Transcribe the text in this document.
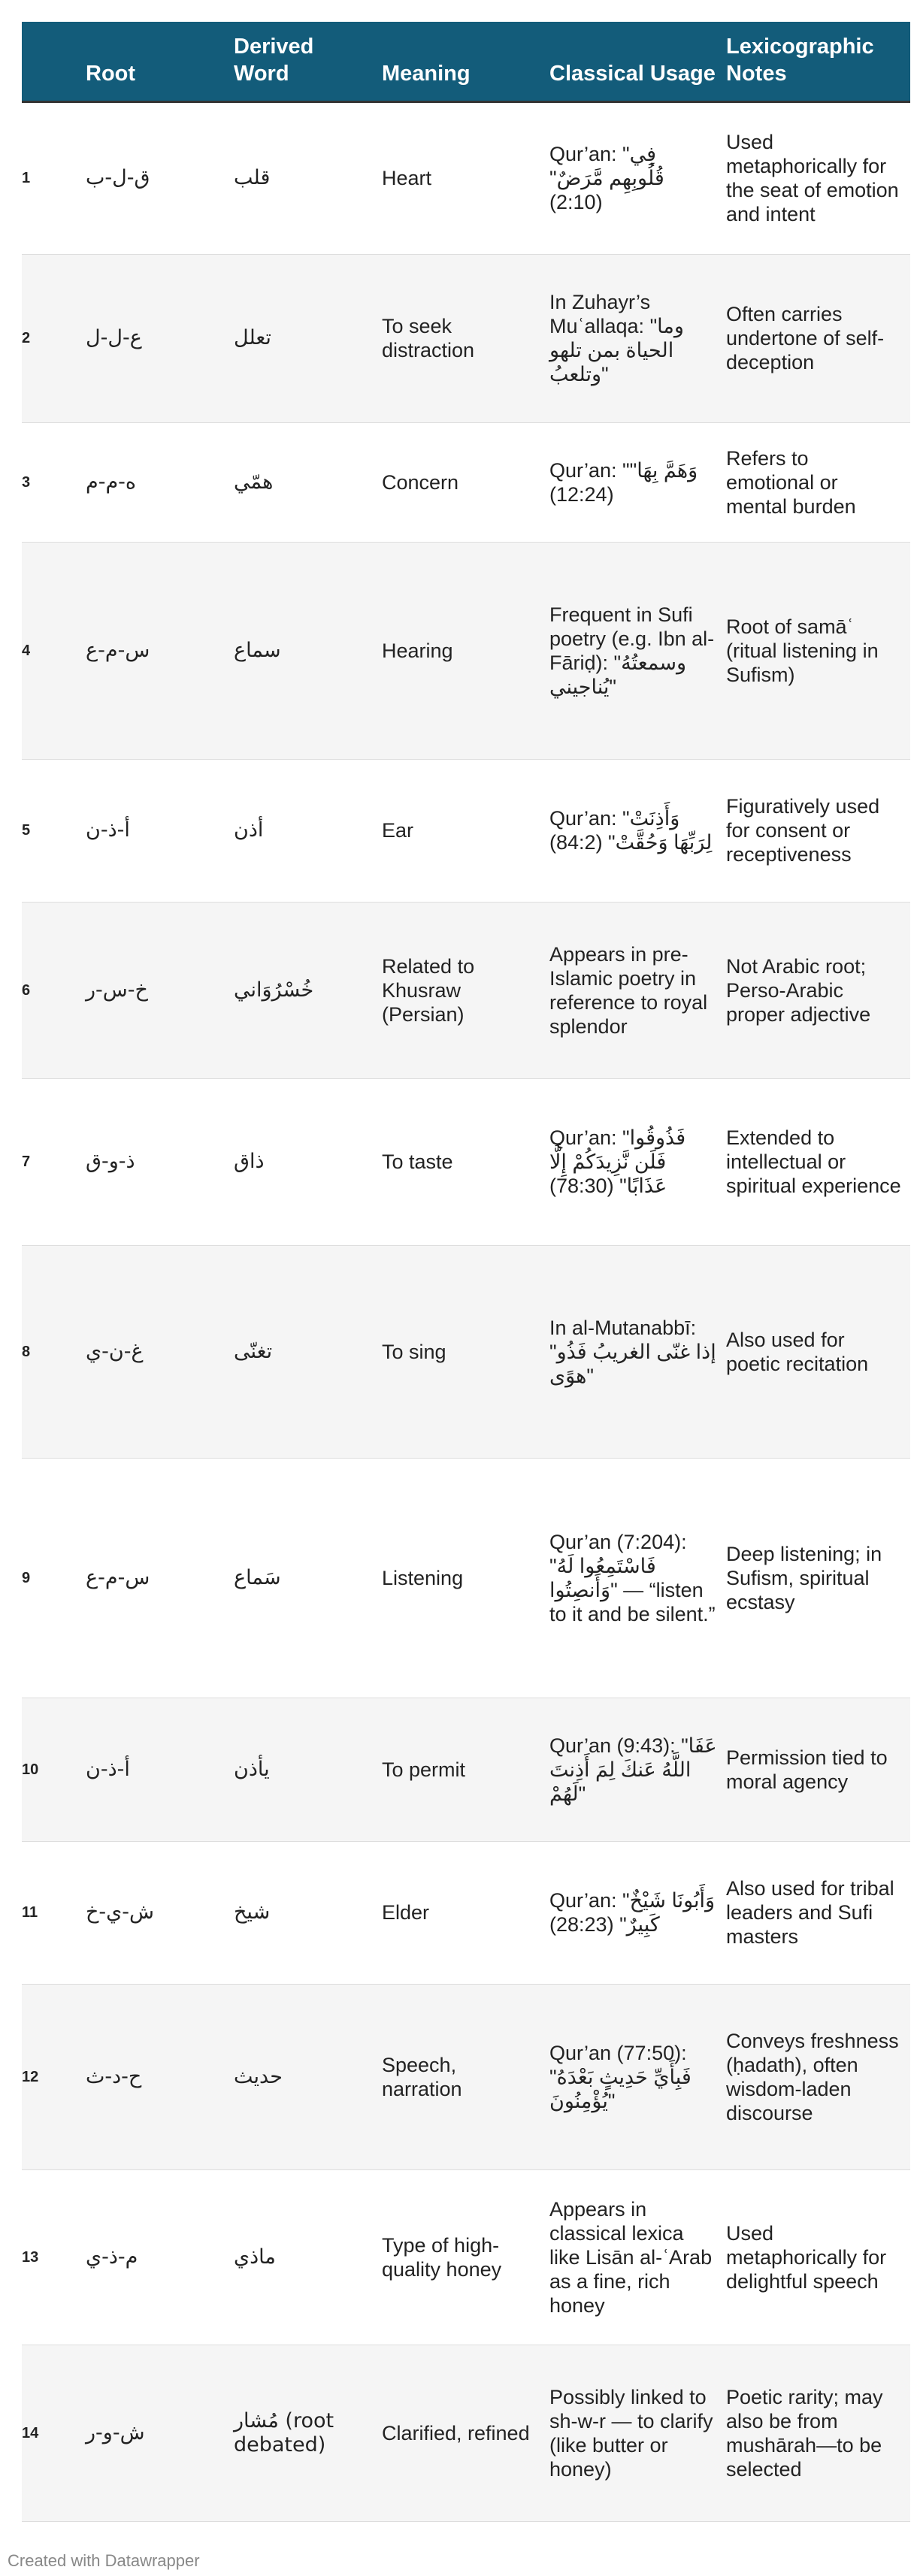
	Root	Derived Word	Meaning	Classical Usage	Lexicographic Notes
1	ق-ل-ب	قلب	Heart	Qur’an: "فِي قُلُوبِهِم مَّرَضٌ" (2:10)	Used metaphorically for the seat of emotion and intent
2	ع-ل-ل	تعلل	To seek distraction	In Zuhayr’s Muʿallaqa: "وما الحياة بمن تلهو وتلعبُ"	Often carries undertone of self-deception
3	ه-م-م	همّي	Concern	Qur’an: "وَهَمَّ بِهَا" (12:24)	Refers to emotional or mental burden
4	س-م-ع	سماع	Hearing	Frequent in Sufi poetry (e.g. Ibn al-Fāriḍ): "وسمعتُهُ يُناجيني"	Root of samāʿ (ritual listening in Sufism)
5	أ-ذ-ن	أذن	Ear	Qur’an: "وَأَذِنَتْ لِرَبِّهَا وَحُقَّتْ" (84:2)	Figuratively used for consent or receptiveness
6	خ-س-ر	خُسْرُوَاني	Related to Khusraw (Persian)	Appears in pre-Islamic poetry in reference to royal splendor	Not Arabic root; Perso-Arabic proper adjective
7	ذ-و-ق	ذاق	To taste	Qur’an: "فَذُوقُوا فَلَن نَّزِيدَكُمْ إِلَّا عَذَابًا" (78:30)	Extended to intellectual or spiritual experience
8	غ-ن-ي	تغنّى	To sing	In al-Mutanabbī: "إذا غنّى الغريبُ فَذُو هوًى"	Also used for poetic recitation
9	س-م-ع	سَماع	Listening	Qur’an (7:204): "فَاسْتَمِعُوا لَهُ وَأَنصِتُوا" — “listen to it and be silent.”	Deep listening; in Sufism, spiritual ecstasy
10	أ-ذ-ن	يأذن	To permit	Qur’an (9:43): "عَفَا اللَّهُ عَنكَ لِمَ أَذِنتَ لَهُمْ"	Permission tied to moral agency
11	ش-ي-خ	شيخ	Elder	Qur’an: "وَأَبُونَا شَيْخٌ كَبِيرٌ" (28:23)	Also used for tribal leaders and Sufi masters
12	ح-د-ث	حديث	Speech, narration	Qur’an (77:50): "فَبِأَيِّ حَدِيثٍ بَعْدَهُ يُؤْمِنُونَ"	Conveys freshness (ḥadath), often wisdom-laden discourse
13	م-ذ-ي	ماذي	Type of high-quality honey	Appears in classical lexica like Lisān al-ʿArab as a fine, rich honey	Used metaphorically for delightful speech
14	ش-و-ر	مُشار (root debated)	Clarified, refined	Possibly linked to sh-w-r — to clarify (like butter or honey)	Poetic rarity; may also be from mushārah—to be selected
Created with Datawrapper
